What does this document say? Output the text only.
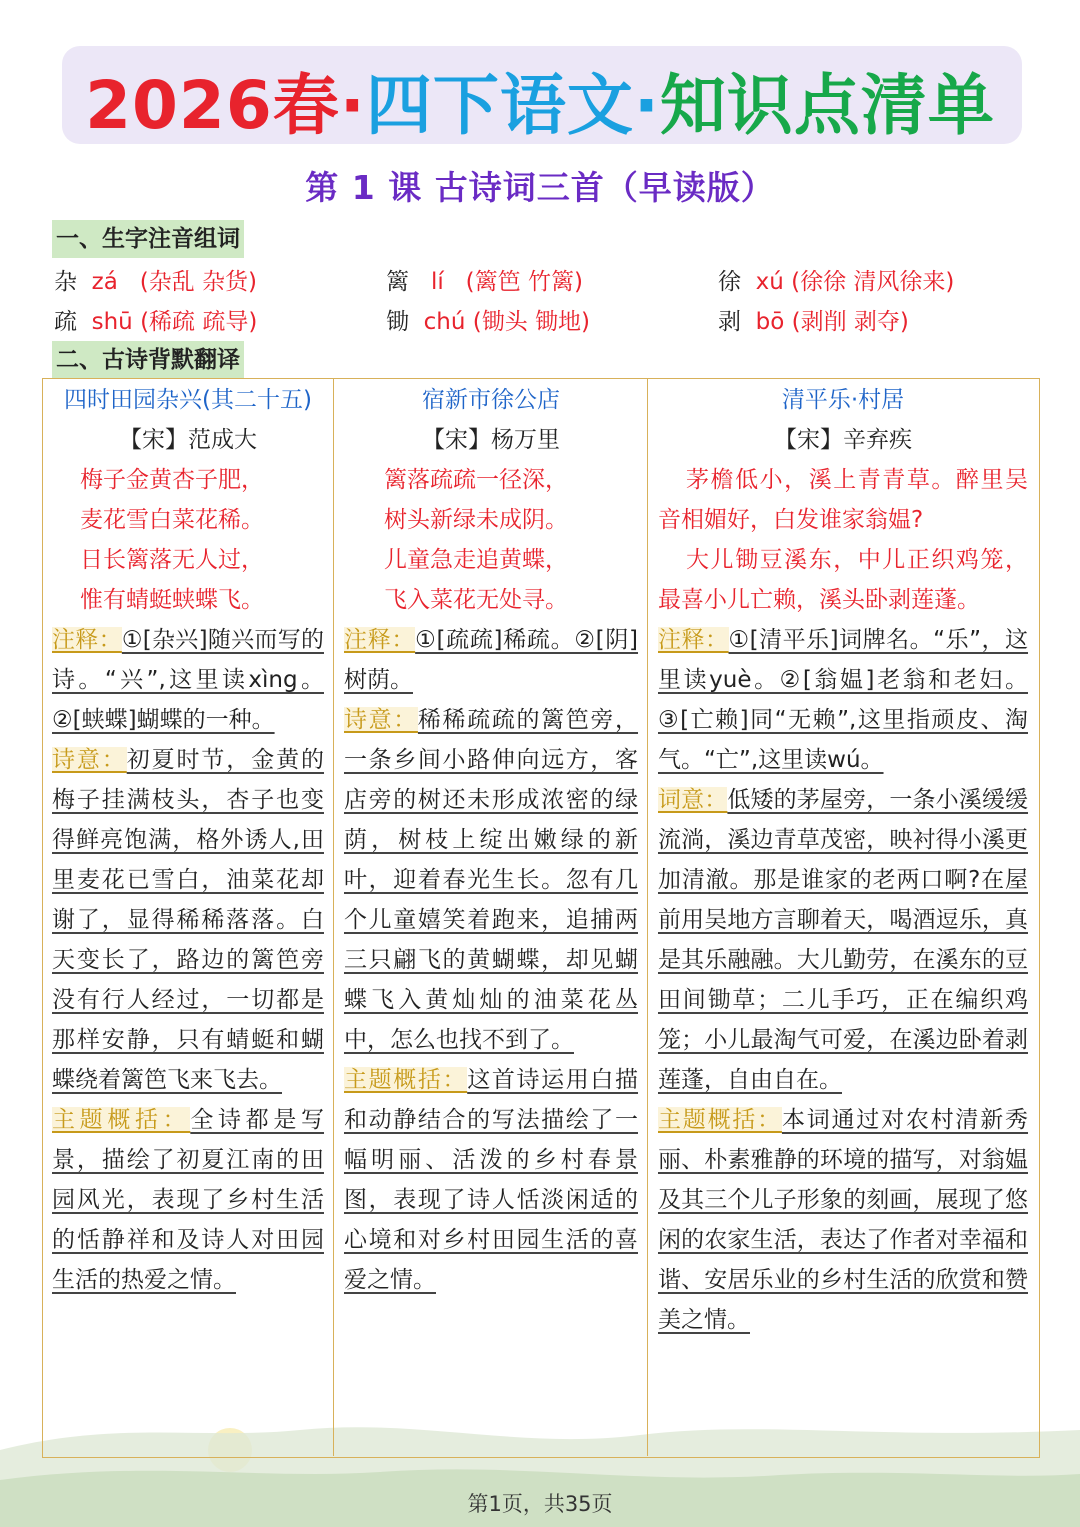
2026春·四下语文·知识点清单
第 1 课 古诗词三首（早读版）
一、生字注音组词
杂 zá (杂乱 杂货)	篱 lí (篱笆 竹篱)	徐 xú (徐徐 清风徐来)
疏 shū (稀疏 疏导)	锄 chú (锄头 锄地)	剥 bō (剥削 剥夺)
二、古诗背默翻译
四时田园杂兴(其二十五)
【宋】范成大
梅子金黄杏子肥，
麦花雪白菜花稀。
日长篱落无人过，
惟有蜻蜓蛱蝶飞。
注释：①[杂兴]随兴而写的诗。“兴”,这里读xìng。②[蛱蝶]蝴蝶的一种。
诗意：初夏时节，金黄的梅子挂满枝头，杏子也变得鲜亮饱满，格外诱人,田里麦花已雪白，油菜花却谢了，显得稀稀落落。白天变长了，路边的篱笆旁没有行人经过，一切都是那样安静，只有蜻蜓和蝴蝶绕着篱笆飞来飞去。
主题概括：全诗都是写景，描绘了初夏江南的田园风光，表现了乡村生活的恬静祥和及诗人对田园生活的热爱之情。
宿新市徐公店
【宋】杨万里
篱落疏疏一径深，
树头新绿未成阴。
儿童急走追黄蝶，
飞入菜花无处寻。
注释：①[疏疏]稀疏。②[阴]树荫。
诗意：稀稀疏疏的篱笆旁，一条乡间小路伸向远方，客店旁的树还未形成浓密的绿荫，树枝上绽出嫩绿的新叶，迎着春光生长。忽有几个儿童嬉笑着跑来，追捕两三只翩飞的黄蝴蝶，却见蝴蝶飞入黄灿灿的油菜花丛中，怎么也找不到了。
主题概括：这首诗运用白描和动静结合的写法描绘了一幅明丽、活泼的乡村春景图，表现了诗人恬淡闲适的心境和对乡村田园生活的喜爱之情。
清平乐·村居
【宋】辛弃疾
茅檐低小，溪上青青草。醉里吴音相媚好，白发谁家翁媪?
大儿锄豆溪东，中儿正织鸡笼，最喜小儿亡赖，溪头卧剥莲蓬。
注释：①[清平乐]词牌名。“乐”，这里读yuè。②[翁媪]老翁和老妇。③[亡赖]同“无赖”,这里指顽皮、淘气。“亡”,这里读wú。
词意：低矮的茅屋旁，一条小溪缓缓流淌，溪边青草茂密，映衬得小溪更加清澈。那是谁家的老两口啊?在屋前用吴地方言聊着天，喝酒逗乐，真是其乐融融。大儿勤劳，在溪东的豆田间锄草；二儿手巧，正在编织鸡笼；小儿最淘气可爱，在溪边卧着剥莲蓬，自由自在。
主题概括：本词通过对农村清新秀丽、朴素雅静的环境的描写，对翁媪及其三个儿子形象的刻画，展现了悠闲的农家生活，表达了作者对幸福和谐、安居乐业的乡村生活的欣赏和赞美之情。
第1页，共35页
